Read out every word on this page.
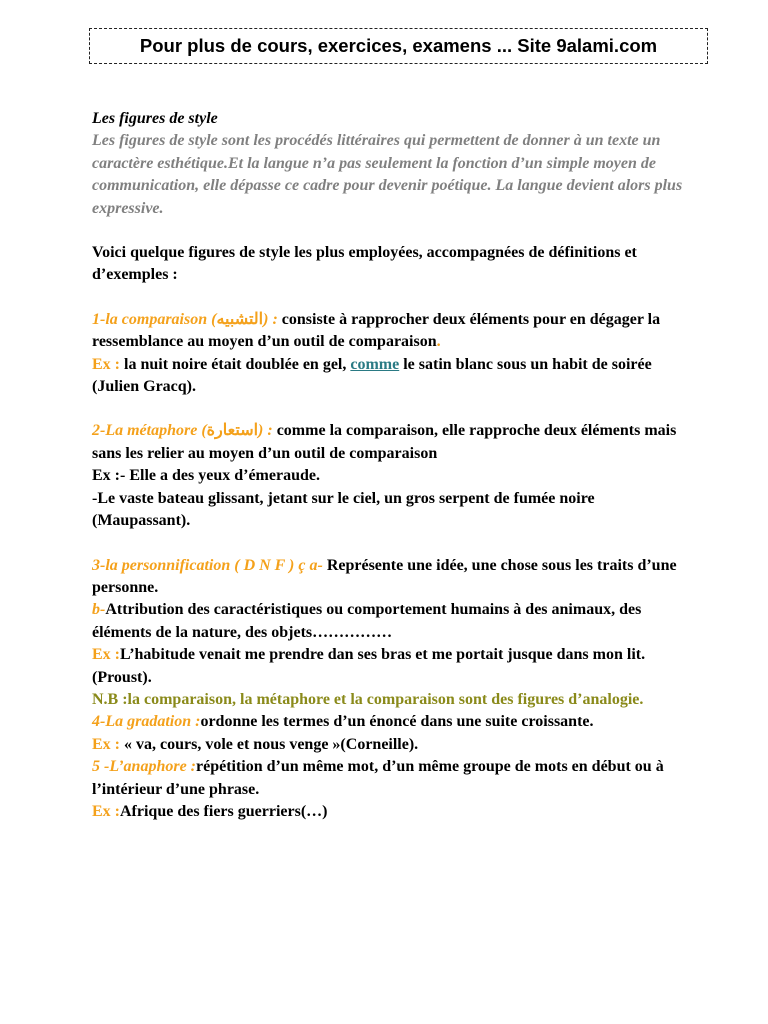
Pour plus de cours, exercices, examens ... Site 9alami.com

Les figures de style

Les figures de style sont les procédés littéraires qui permettent de donner à un texte un caractère esthétique.Et la langue n’a pas seulement la fonction d’un simple moyen de communication, elle dépasse ce cadre pour devenir poétique. La langue devient alors plus expressive.

Voici quelque figures de style les plus employées, accompagnées de définitions et d’exemples :

1-la comparaison (التشبيه) : consiste à rapprocher deux éléments pour en dégager la ressemblance au moyen d’un outil de comparaison.

Ex : la nuit noire était doublée en gel, comme le satin blanc sous un habit de soirée (Julien Gracq).

2-La métaphore (استعارة) : comme la comparaison, elle rapproche deux éléments mais sans les relier au moyen d’un outil de comparaison

Ex :- Elle a des yeux d’émeraude.

-Le vaste bateau glissant, jetant sur le ciel, un gros serpent de fumée noire (Maupassant).

3-la personnification ( D N F ) ç a- Représente une idée, une chose sous les traits d’une personne.

b-Attribution des caractéristiques ou comportement humains à des animaux, des éléments de la nature, des objets……………

Ex :L’habitude venait me prendre dan ses bras et me portait jusque dans mon lit.(Proust).

N.B :la comparaison, la métaphore et la comparaison sont des figures d’analogie.

4-La gradation :ordonne les termes d’un énoncé dans une suite croissante.

Ex : « va, cours, vole et nous venge »(Corneille).

5 -L’anaphore :répétition d’un même mot, d’un même groupe de mots en début ou à l’intérieur d’une phrase.

Ex :Afrique des fiers guerriers(…)
